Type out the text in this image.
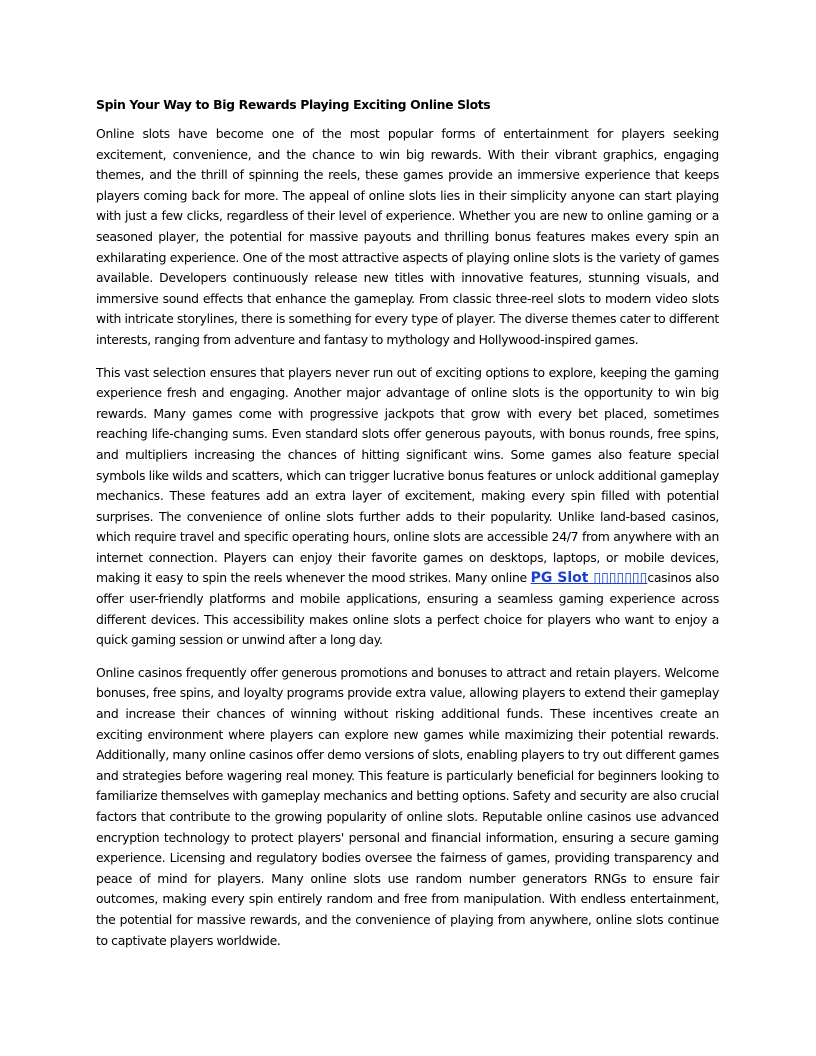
Spin Your Way to Big Rewards Playing Exciting Online Slots

Online slots have become one of the most popular forms of entertainment for players seeking excitement, convenience, and the chance to win big rewards. With their vibrant graphics, engaging themes, and the thrill of spinning the reels, these games provide an immersive experience that keeps players coming back for more. The appeal of online slots lies in their simplicity anyone can start playing with just a few clicks, regardless of their level of experience. Whether you are new to online gaming or a seasoned player, the potential for massive payouts and thrilling bonus features makes every spin an exhilarating experience. One of the most attractive aspects of playing online slots is the variety of games available. Developers continuously release new titles with innovative features, stunning visuals, and immersive sound effects that enhance the gameplay. From classic three-reel slots to modern video slots with intricate storylines, there is something for every type of player. The diverse themes cater to different interests, ranging from adventure and fantasy to mythology and Hollywood-inspired games.

This vast selection ensures that players never run out of exciting options to explore, keeping the gaming experience fresh and engaging. Another major advantage of online slots is the opportunity to win big rewards. Many games come with progressive jackpots that grow with every bet placed, sometimes reaching life-changing sums. Even standard slots offer generous payouts, with bonus rounds, free spins, and multipliers increasing the chances of hitting significant wins. Some games also feature special symbols like wilds and scatters, which can trigger lucrative bonus features or unlock additional gameplay mechanics. These features add an extra layer of excitement, making every spin filled with potential surprises. The convenience of online slots further adds to their popularity. Unlike land-based casinos, which require travel and specific operating hours, online slots are accessible 24/7 from anywhere with an internet connection. Players can enjoy their favorite games on desktops, laptops, or mobile devices, making it easy to spin the reels whenever the mood strikes. Many online PG Slot ▯▯▯▯▯▯▯casinos also offer user-friendly platforms and mobile applications, ensuring a seamless gaming experience across different devices. This accessibility makes online slots a perfect choice for players who want to enjoy a quick gaming session or unwind after a long day.

Online casinos frequently offer generous promotions and bonuses to attract and retain players. Welcome bonuses, free spins, and loyalty programs provide extra value, allowing players to extend their gameplay and increase their chances of winning without risking additional funds. These incentives create an exciting environment where players can explore new games while maximizing their potential rewards. Additionally, many online casinos offer demo versions of slots, enabling players to try out different games and strategies before wagering real money. This feature is particularly beneficial for beginners looking to familiarize themselves with gameplay mechanics and betting options. Safety and security are also crucial factors that contribute to the growing popularity of online slots. Reputable online casinos use advanced encryption technology to protect players' personal and financial information, ensuring a secure gaming experience. Licensing and regulatory bodies oversee the fairness of games, providing transparency and peace of mind for players. Many online slots use random number generators RNGs to ensure fair outcomes, making every spin entirely random and free from manipulation. With endless entertainment, the potential for massive rewards, and the convenience of playing from anywhere, online slots continue to captivate players worldwide.
